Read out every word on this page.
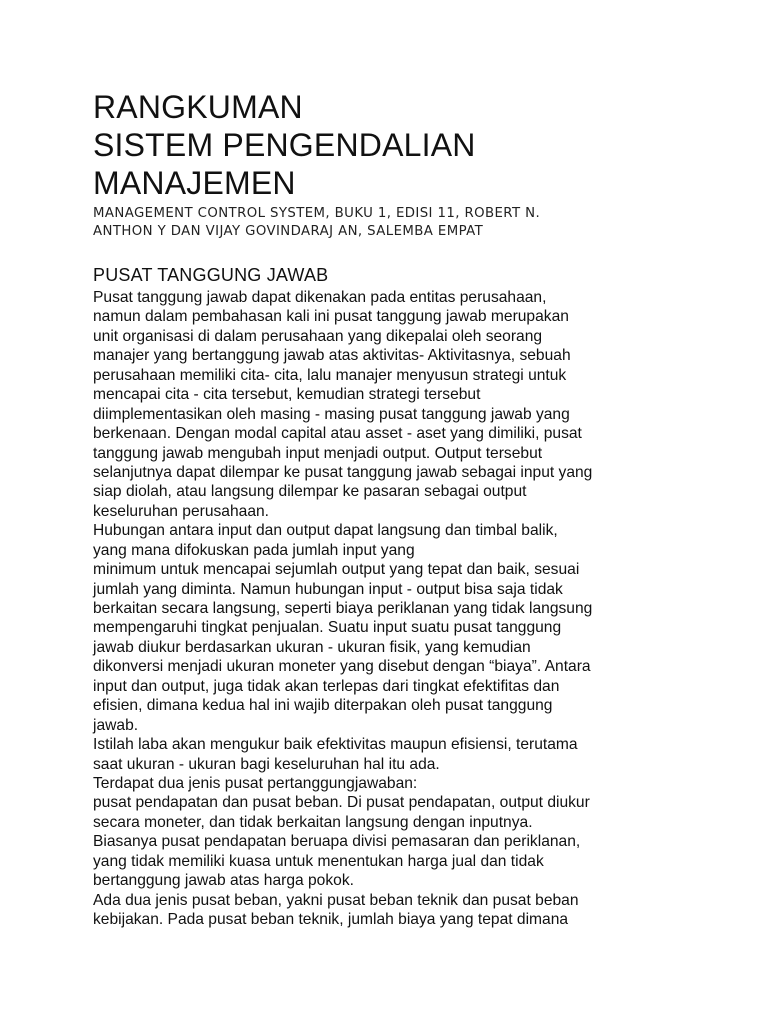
RANGKUMAN
SISTEM PENGENDALIAN
MANAJEMEN

MANAGEMENT CONTROL SYSTEM, BUKU 1, EDISI 11, ROBERT N.
ANTHON Y DAN VIJAY GOVINDARAJ AN, SALEMBA EMPAT

PUSAT TANGGUNG JAWAB
Pusat tanggung jawab dapat dikenakan pada entitas perusahaan,
namun dalam pembahasan kali ini pusat tanggung jawab merupakan
unit organisasi di dalam perusahaan yang dikepalai oleh seorang
manajer yang bertanggung jawab atas aktivitas- Aktivitasnya, sebuah
perusahaan memiliki cita- cita, lalu manajer menyusun strategi untuk
mencapai cita - cita tersebut, kemudian strategi tersebut
diimplementasikan oleh masing - masing pusat tanggung jawab yang
berkenaan. Dengan modal capital atau asset - aset yang dimiliki, pusat
tanggung jawab mengubah input menjadi output. Output tersebut
selanjutnya dapat dilempar ke pusat tanggung jawab sebagai input yang
siap diolah, atau langsung dilempar ke pasaran sebagai output
keseluruhan perusahaan.
Hubungan antara input dan output dapat langsung dan timbal balik,
yang mana difokuskan pada jumlah input yang
minimum untuk mencapai sejumlah output yang tepat dan baik, sesuai
jumlah yang diminta. Namun hubungan input - output bisa saja tidak
berkaitan secara langsung, seperti biaya periklanan yang tidak langsung
mempengaruhi tingkat penjualan. Suatu input suatu pusat tanggung
jawab diukur berdasarkan ukuran - ukuran fisik, yang kemudian
dikonversi menjadi ukuran moneter yang disebut dengan “biaya”. Antara
input dan output, juga tidak akan terlepas dari tingkat efektifitas dan
efisien, dimana kedua hal ini wajib diterpakan oleh pusat tanggung
jawab.
Istilah laba akan mengukur baik efektivitas maupun efisiensi, terutama
saat ukuran - ukuran bagi keseluruhan hal itu ada.
Terdapat dua jenis pusat pertanggungjawaban:
pusat pendapatan dan pusat beban. Di pusat pendapatan, output diukur
secara moneter, dan tidak berkaitan langsung dengan inputnya.
Biasanya pusat pendapatan beruapa divisi pemasaran dan periklanan,
yang tidak memiliki kuasa untuk menentukan harga jual dan tidak
bertanggung jawab atas harga pokok.
Ada dua jenis pusat beban, yakni pusat beban teknik dan pusat beban
kebijakan. Pada pusat beban teknik, jumlah biaya yang tepat dimana
